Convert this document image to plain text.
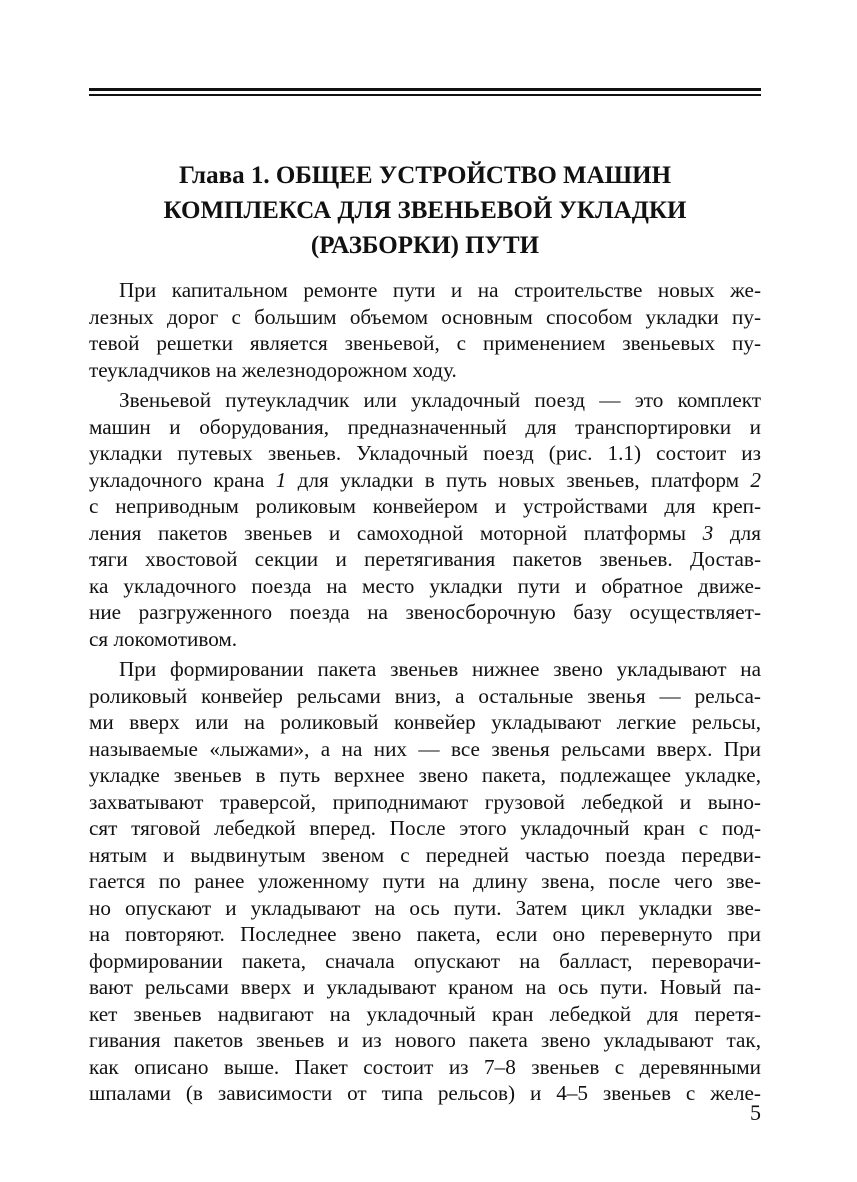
Глава 1. ОБЩЕЕ УСТРОЙСТВО МАШИН
КОМПЛЕКСА ДЛЯ ЗВЕНЬЕВОЙ УКЛАДКИ
(РАЗБОРКИ) ПУТИ

При капитальном ремонте пути и на строительстве новых же-
лезных дорог с большим объемом основным способом укладки пу-
тевой решетки является звеньевой, с применением звеньевых пу-
теукладчиков на железнодорожном ходу.

Звеньевой путеукладчик или укладочный поезд — это комплект
машин и оборудования, предназначенный для транспортировки и
укладки путевых звеньев. Укладочный поезд (рис. 1.1) состоит из
укладочного крана 1 для укладки в путь новых звеньев, платформ 2
с неприводным роликовым конвейером и устройствами для креп-
ления пакетов звеньев и самоходной моторной платформы 3 для
тяги хвостовой секции и перетягивания пакетов звеньев. Достав-
ка укладочного поезда на место укладки пути и обратное движе-
ние разгруженного поезда на звеносборочную базу осуществляет-
ся локомотивом.

При формировании пакета звеньев нижнее звено укладывают на
роликовый конвейер рельсами вниз, а остальные звенья — рельса-
ми вверх или на роликовый конвейер укладывают легкие рельсы,
называемые «лыжами», а на них — все звенья рельсами вверх. При
укладке звеньев в путь верхнее звено пакета, подлежащее укладке,
захватывают траверсой, приподнимают грузовой лебедкой и выно-
сят тяговой лебедкой вперед. После этого укладочный кран с под-
нятым и выдвинутым звеном с передней частью поезда передви-
гается по ранее уложенному пути на длину звена, после чего зве-
но опускают и укладывают на ось пути. Затем цикл укладки зве-
на повторяют. Последнее звено пакета, если оно перевернуто при
формировании пакета, сначала опускают на балласт, переворачи-
вают рельсами вверх и укладывают краном на ось пути. Новый па-
кет звеньев надвигают на укладочный кран лебедкой для перетя-
гивания пакетов звеньев и из нового пакета звено укладывают так,
как описано выше. Пакет состоит из 7–8 звеньев с деревянными
шпалами (в зависимости от типа рельсов) и 4–5 звеньев с желе-

5
